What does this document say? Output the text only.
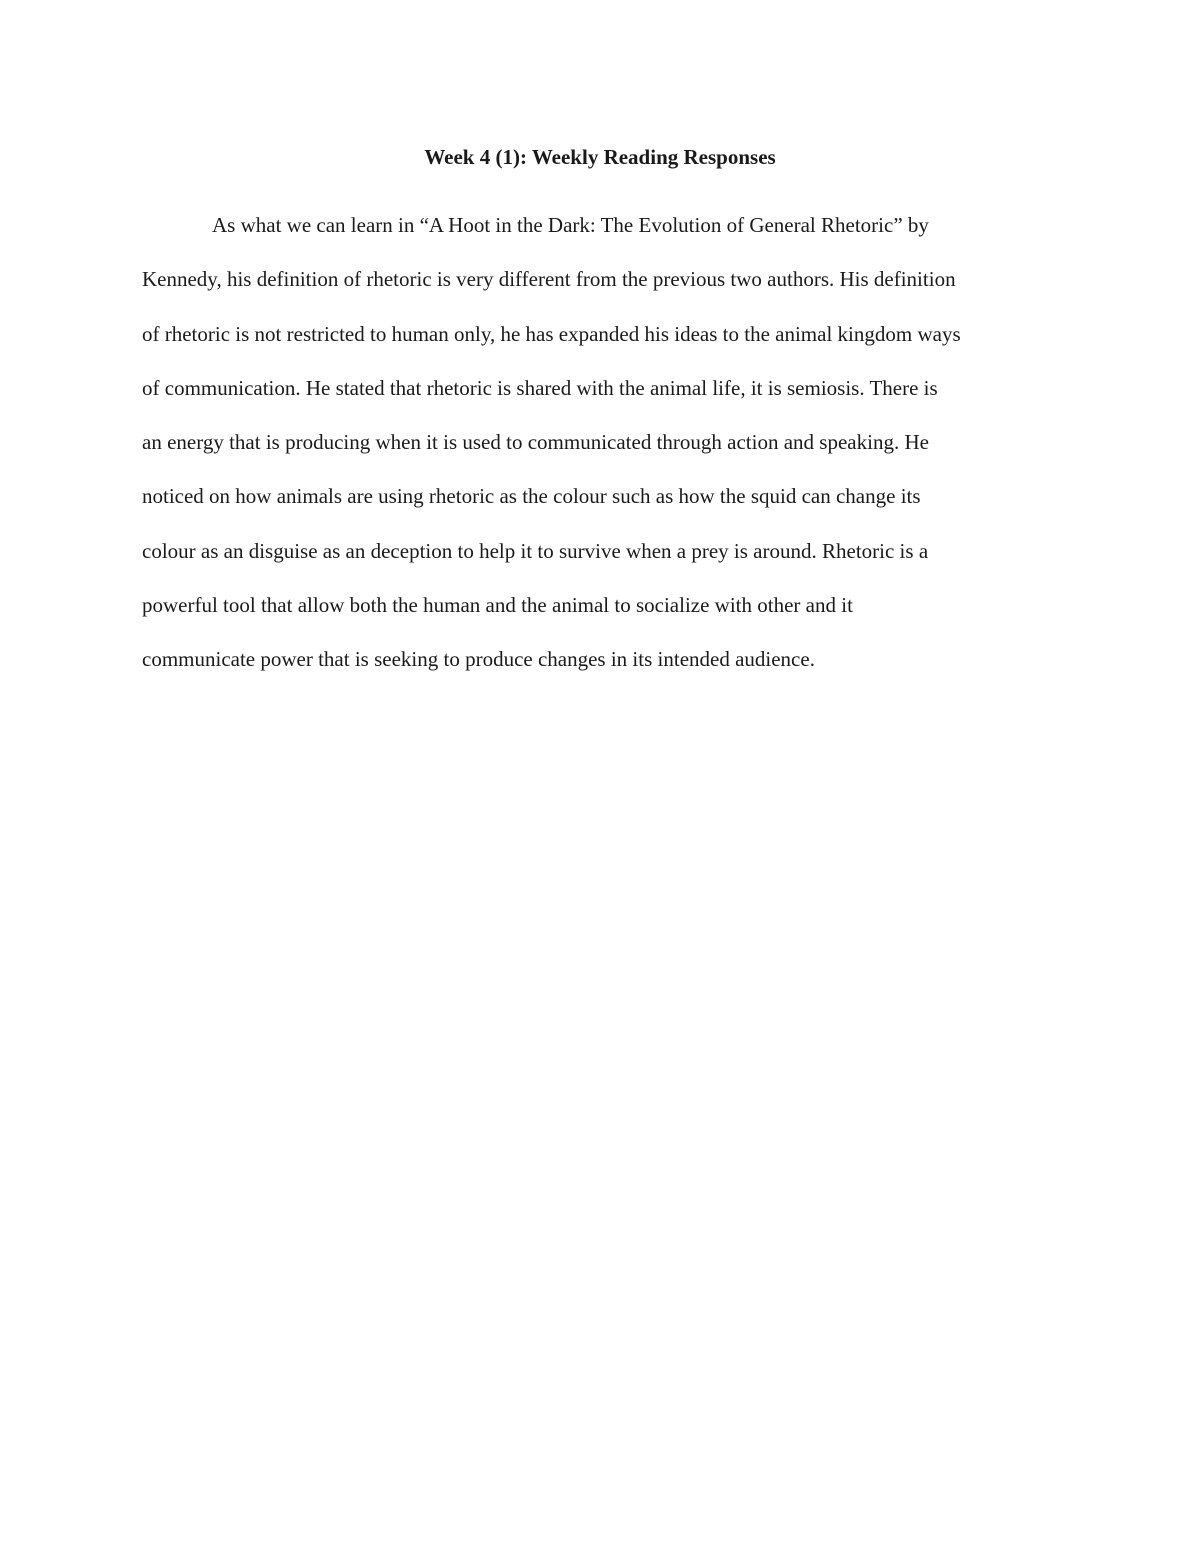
Week 4 (1): Weekly Reading Responses
As what we can learn in “A Hoot in the Dark: The Evolution of General Rhetoric” by
Kennedy, his definition of rhetoric is very different from the previous two authors. His definition
of rhetoric is not restricted to human only, he has expanded his ideas to the animal kingdom ways
of communication. He stated that rhetoric is shared with the animal life, it is semiosis. There is
an energy that is producing when it is used to communicated through action and speaking. He
noticed on how animals are using rhetoric as the colour such as how the squid can change its
colour as an disguise as an deception to help it to survive when a prey is around. Rhetoric is a
powerful tool that allow both the human and the animal to socialize with other and it
communicate power that is seeking to produce changes in its intended audience.
